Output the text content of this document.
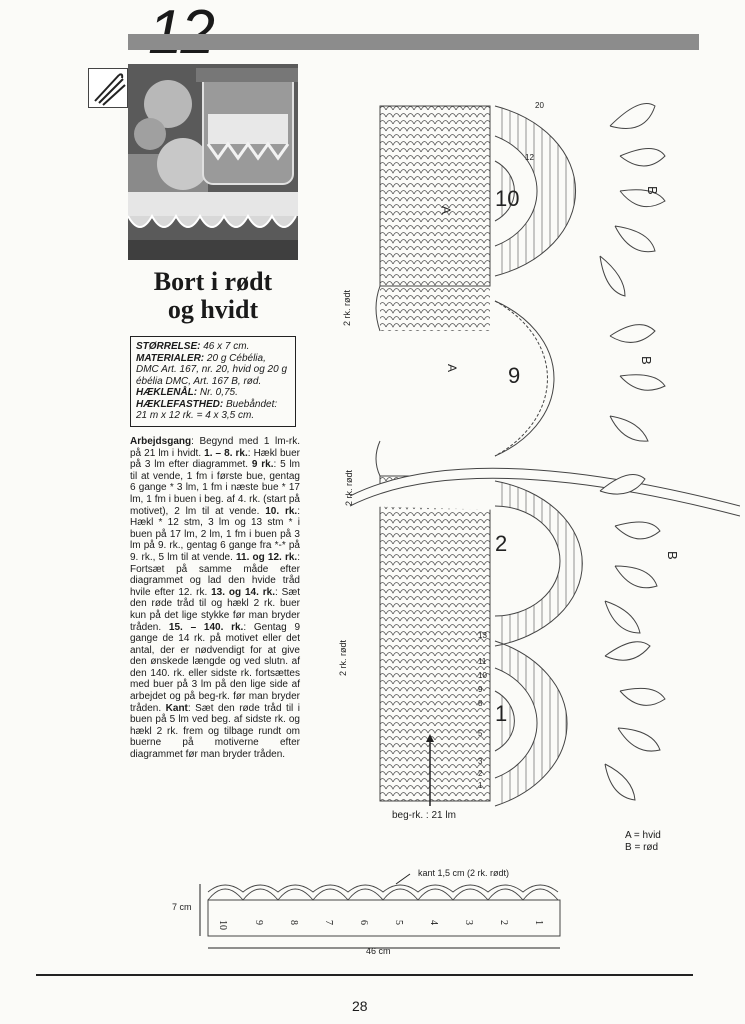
Bort i rødt
og hvidt
STØRRELSE: 46 x 7 cm.
MATERIALER: 20 g Cébélia, DMC Art. 167, nr. 20, hvid og 20 g ébélia DMC, Art. 167 B, rød.
HÆKLENÅL: Nr. 0,75.
HÆKLEFASTHED: Buebåndet: 21 m x 12 rk. = 4 x 3,5 cm.
Arbejdsgang: Begynd med 1 lm-rk. på 21 lm i hvidt. 1. – 8. rk.: Hækl buer på 3 lm efter diagrammet. 9 rk.: 5 lm til at vende, 1 fm i første bue, gentag 6 gange * 3 lm, 1 fm i næste bue * 17 lm, 1 fm i buen i beg. af 4. rk. (start på motivet), 2 lm til at vende. 10. rk.: Hækl * 12 stm, 3 lm og 13 stm * i buen på 17 lm, 2 lm, 1 fm i buen på 3 lm på 9. rk., gentag 6 gange fra *-* på 9. rk., 5 lm til at vende. 11. og 12. rk.: Fortsæt på samme måde efter diagrammet og lad den hvide tråd hvile efter 12. rk. 13. og 14. rk.: Sæt den røde tråd til og hækl 2 rk. buer kun på det lige stykke før man bryder tråden. 15. – 140. rk.: Gentag 9 gange de 14 rk. på motivet eller det antal, der er nødvendigt for at give den ønskede længde og ved slutn. af den 140. rk. eller sidste rk. fortsættes med buer på 3 lm på den lige side af arbejdet og på beg-rk. før man bryder tråden. Kant: Sæt den røde tråd til i buen på 5 lm ved beg. af sidste rk. og hækl 2 rk. frem og tilbage rundt om buerne på motiverne efter diagrammet før man bryder tråden.
10
9
2
1
A
A
B
B
B
2 rk. rødt
2 rk. rødt
2 rk. rødt
20
12
13
11
10
9
8
5
3
2
1
beg-rk. : 21 lm
A = hvid
B = rød
kant 1,5 cm (2 rk. rødt)
7 cm
10	9 8 7 6 5 4 3 2 1
46 cm
28
